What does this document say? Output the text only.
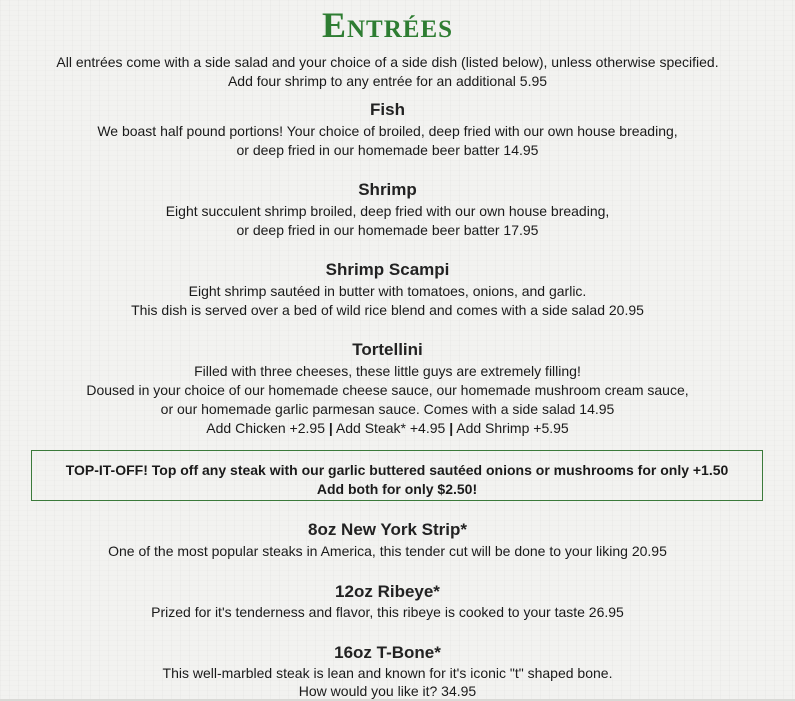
Entrées
All entrées come with a side salad and your choice of a side dish (listed below), unless otherwise specified.
Add four shrimp to any entrée for an additional 5.95
Fish
We boast half pound portions! Your choice of broiled, deep fried with our own house breading,
or deep fried in our homemade beer batter 14.95
Shrimp
Eight succulent shrimp broiled, deep fried with our own house breading,
or deep fried in our homemade beer batter 17.95
Shrimp Scampi
Eight shrimp sautéed in butter with tomatoes, onions, and garlic.
This dish is served over a bed of wild rice blend and comes with a side salad 20.95
Tortellini
Filled with three cheeses, these little guys are extremely filling!
Doused in your choice of our homemade cheese sauce, our homemade mushroom cream sauce,
or our homemade garlic parmesan sauce. Comes with a side salad 14.95
Add Chicken +2.95 | Add Steak* +4.95 | Add Shrimp +5.95
TOP-IT-OFF! Top off any steak with our garlic buttered sautéed onions or mushrooms for only +1.50
Add both for only $2.50!
8oz New York Strip*
One of the most popular steaks in America, this tender cut will be done to your liking 20.95
12oz Ribeye*
Prized for it's tenderness and flavor, this ribeye is cooked to your taste 26.95
16oz T-Bone*
This well-marbled steak is lean and known for it's iconic "t" shaped bone.
How would you like it? 34.95
